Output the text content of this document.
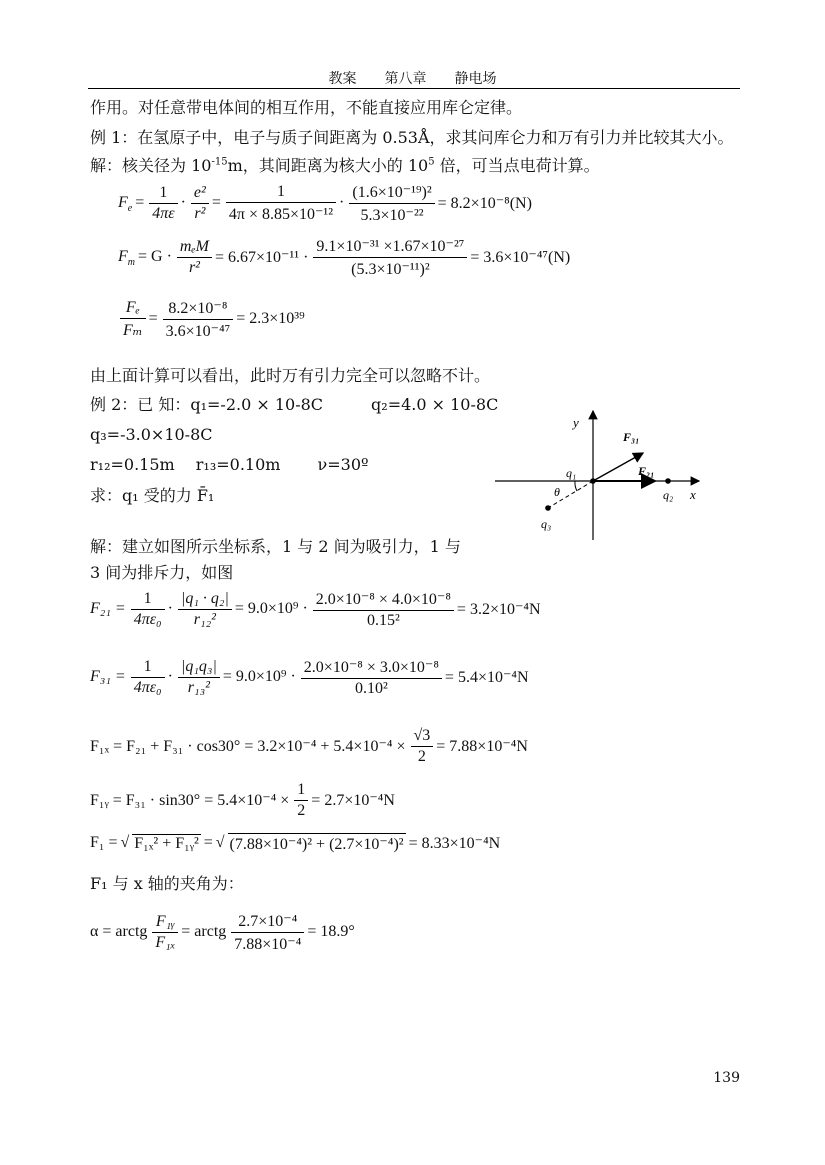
教案　　第八章　　静电场
作用。对任意带电体间的相互作用，不能直接应用库仑定律。
例 1：在氢原子中，电子与质子间距离为 0.53Å，求其问库仑力和万有引力并比较其大小。
解：核关径为 $10^{-15}m$，其间距离为核大小的 $10^5$ 倍，可当点电荷计算。
$F_e = \frac{1}{4\pi\varepsilon} \cdot \frac{\text{e²}}{\text{r²}} = \frac{1}{\text{4π × 8.85×10⁻¹²}} \cdot \frac{\text{(1.6×10⁻¹⁹)²}}{\text{5.3×10⁻²²}} = 8.2\times 10^{-8}(N)$
$F_m = G \cdot \frac{\text{mₑM}}{\text{r²}} = 6.67\times 10^{-11} \cdot \frac{\text{9.1×10⁻³¹ ×1.67×10⁻²⁷}}{\text{(5.3×10⁻¹¹)²}} = 3.6\times 10^{-47}(N)$
$\frac{\text{Fₑ}}{\text{Fₘ}} = \frac{\text{8.2×10⁻⁸}}{\text{3.6×10⁻⁴⁷}} = 2.3\times 10^{39}$
由上面计算可以看出，此时万有引力完全可以忽略不计。
例 2：已 知：q₁=-2.0 × 10-8C　　　q₂=4.0 × 10-8C
q₃=-3.0×10-8C
r₁₂=0.15m　 r₁₃=0.10m　　 ν=30º
求：q₁ 受的力 F̄₁
解：建立如图所示坐标系，1 与 2 间为吸引力，1 与
3 间为排斥力，如图
y
x
F₃₁
F₂₁
q₁
q₂
q₃
θ
$F_{21} = \frac{1}{\text{4πε₀}} \cdot \frac{\text{|q₁ · q₂|}}{\text{r₁₂²}} = 9.0\times 10^9 \cdot \frac{\text{2.0×10⁻⁸ × 4.0×10⁻⁸}}{\text{0.15²}} = 3.2\times 10^{-4}N$
$F_{31} = \frac{1}{\text{4πε₀}} \cdot \frac{\text{|q₁q₃|}}{\text{r₁₃²}} = 9.0\times 10^9 \cdot \frac{\text{2.0×10⁻⁸ × 3.0×10⁻⁸}}{\text{0.10²}} = 5.4\times 10^{-4}N$
$F_{1x} = F_{21} + F_{31} \cdot \cos 30^\circ = 3.2\times 10^{-4} + 5.4\times 10^{-4} \times \frac{√3}{2} = 7.88\times 10^{-4}N$
F₁ᵧ = $F_{31} \cdot \sin 30^\circ = 5.4\times 10^{-4} \times \frac{1}{2} = 2.7\times 10^{-4}N$
F₁ = √ F₁ₓ² + F₁ᵧ² = √ (7.88×10⁻⁴)² + (2.7×10⁻⁴)² = 8.33×10⁻⁴N
F₁ 与 x 轴的夹角为：
α = arctg $\frac{\text{F₁ᵧ}}{\text{F₁ₓ}}$ = arctg $\frac{\text{2.7×10⁻⁴}}{\text{7.88×10⁻⁴}} = 18.9^\circ$
139
